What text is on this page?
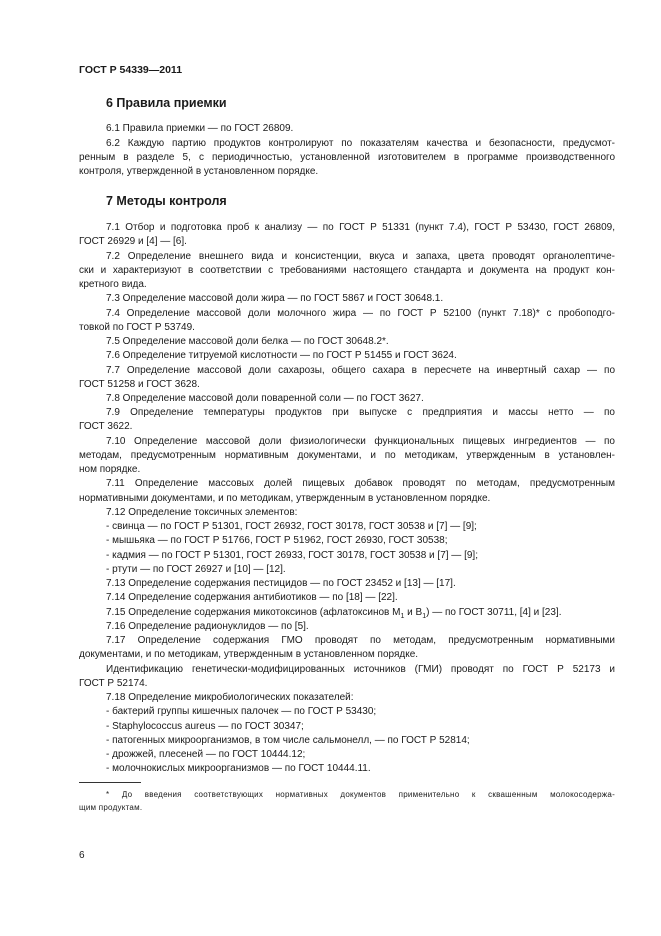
ГОСТ Р 54339—2011
6 Правила приемки
6.1 Правила приемки — по ГОСТ 26809.
6.2 Каждую партию продуктов контролируют по показателям качества и безопасности, предусмот-
ренным в разделе 5, с периодичностью, установленной изготовителем в программе производственного
контроля, утвержденной в установленном порядке.
7 Методы контроля
7.1 Отбор и подготовка проб к анализу — по ГОСТ Р 51331 (пункт 7.4), ГОСТ Р 53430, ГОСТ 26809,
ГОСТ 26929 и [4] — [6].
7.2 Определение внешнего вида и консистенции, вкуса и запаха, цвета проводят органолептиче-
ски и характеризуют в соответствии с требованиями настоящего стандарта и документа на продукт кон-
кретного вида.
7.3 Определение массовой доли жира — по ГОСТ 5867 и ГОСТ 30648.1.
7.4 Определение массовой доли молочного жира — по ГОСТ Р 52100 (пункт 7.18)* с пробоподго-
товкой по ГОСТ Р 53749.
7.5 Определение массовой доли белка — по ГОСТ 30648.2*.
7.6 Определение титруемой кислотности — по ГОСТ Р 51455 и ГОСТ 3624.
7.7 Определение массовой доли сахарозы, общего сахара в пересчете на инвертный сахар — по
ГОСТ 51258 и ГОСТ 3628.
7.8 Определение массовой доли поваренной соли — по ГОСТ 3627.
7.9 Определение температуры продуктов при выпуске с предприятия и массы нетто — по
ГОСТ 3622.
7.10 Определение массовой доли физиологически функциональных пищевых ингредиентов — по
методам, предусмотренным нормативным документами, и по методикам, утвержденным в установлен-
ном порядке.
7.11 Определение массовых долей пищевых добавок проводят по методам, предусмотренным
нормативными документами, и по методикам, утвержденным в установленном порядке.
7.12 Определение токсичных элементов:
- свинца — по ГОСТ Р 51301, ГОСТ 26932, ГОСТ 30178, ГОСТ 30538 и [7] — [9];
- мышьяка — по ГОСТ Р 51766, ГОСТ Р 51962, ГОСТ 26930, ГОСТ 30538;
- кадмия — по ГОСТ Р 51301, ГОСТ 26933, ГОСТ 30178, ГОСТ 30538 и [7] — [9];
- ртути — по ГОСТ 26927 и [10] — [12].
7.13 Определение содержания пестицидов — по ГОСТ 23452 и [13] — [17].
7.14 Определение содержания антибиотиков — по [18] — [22].
7.15 Определение содержания микотоксинов (афлатоксинов $M_1$ и $B_1$) — по ГОСТ 30711, [4] и [23].
7.16 Определение радионуклидов — по [5].
7.17 Определение содержания ГМО проводят по методам, предусмотренным нормативными
документами, и по методикам, утвержденным в установленном порядке.
Идентификацию генетически-модифицированных источников (ГМИ) проводят по ГОСТ Р 52173 и
ГОСТ Р 52174.
7.18 Определение микробиологических показателей:
- бактерий группы кишечных палочек — по ГОСТ Р 53430;
- Staphylococcus aureus — по ГОСТ 30347;
- патогенных микроорганизмов, в том числе сальмонелл, — по ГОСТ Р 52814;
- дрожжей, плесеней — по ГОСТ 10444.12;
- молочнокислых микроорганизмов — по ГОСТ 10444.11.
* До введения соответствующих нормативных документов применительно к сквашенным молокосодержа-
щим продуктам.
6
